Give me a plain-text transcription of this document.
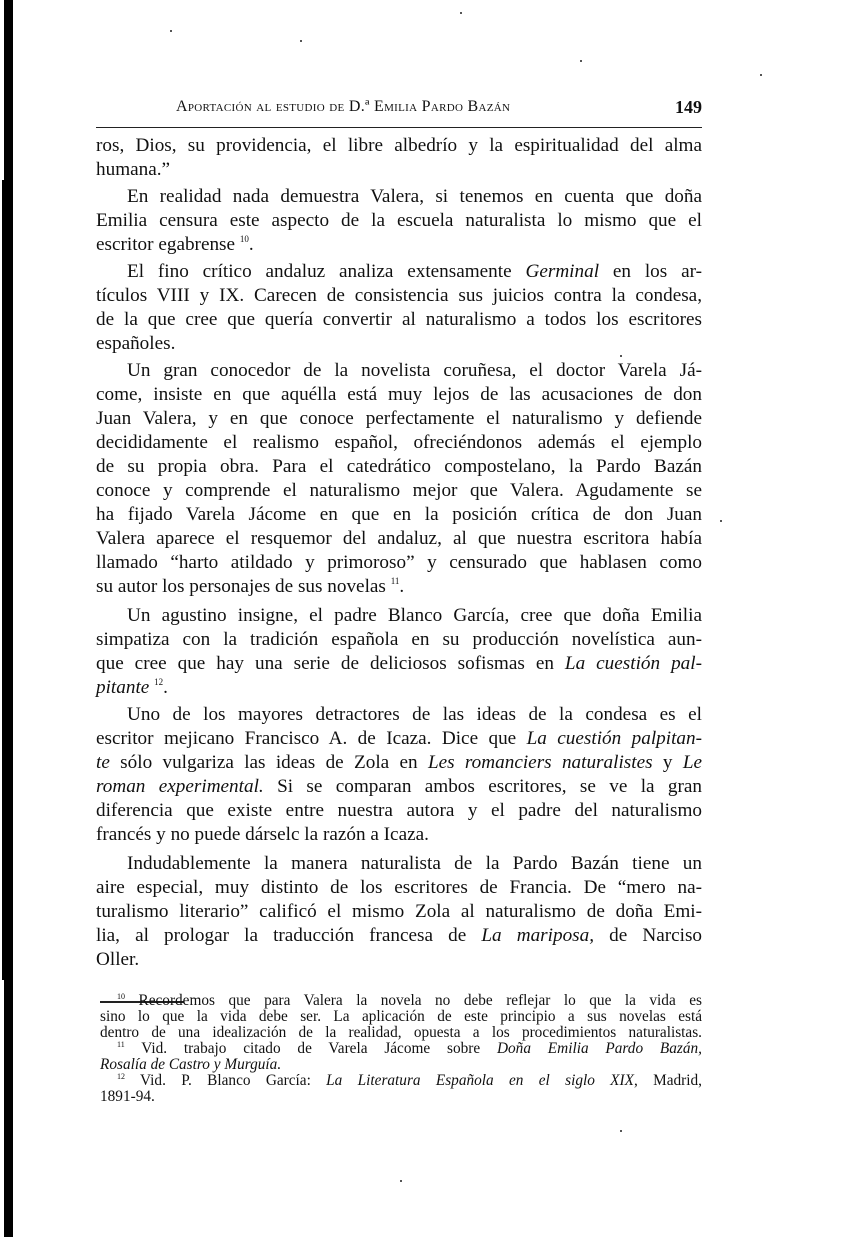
Aportación al estudio de D.ª Emilia Pardo Bazán	149
ros, Dios, su providencia, el libre albedrío y la espiritualidad del alma
humana.”
En realidad nada demuestra Valera, si tenemos en cuenta que doña
Emilia censura este aspecto de la escuela naturalista lo mismo que el
escritor egabrense $^{10}$.
El fino crítico andaluz analiza extensamente Germinal en los ar-
tículos VIII y IX. Carecen de consistencia sus juicios contra la condesa,
de la que cree que quería convertir al naturalismo a todos los escritores
españoles.
Un gran conocedor de la novelista coruñesa, el doctor Varela Já-
come, insiste en que aquélla está muy lejos de las acusaciones de don
Juan Valera, y en que conoce perfectamente el naturalismo y defiende
decididamente el realismo español, ofreciéndonos además el ejemplo
de su propia obra. Para el catedrático compostelano, la Pardo Bazán
conoce y comprende el naturalismo mejor que Valera. Agudamente se
ha fijado Varela Jácome en que en la posición crítica de don Juan
Valera aparece el resquemor del andaluz, al que nuestra escritora había
llamado “harto atildado y primoroso” y censurado que hablasen como
su autor los personajes de sus novelas $^{11}$.
Un agustino insigne, el padre Blanco García, cree que doña Emilia
simpatiza con la tradición española en su producción novelística aun-
que cree que hay una serie de deliciosos sofismas en La cuestión pal-
pitante $^{12}$.
Uno de los mayores detractores de las ideas de la condesa es el
escritor mejicano Francisco A. de Icaza. Dice que La cuestión palpitan-
te sólo vulgariza las ideas de Zola en Les romanciers naturalistes y Le
roman experimental. Si se comparan ambos escritores, se ve la gran
diferencia que existe entre nuestra autora y el padre del naturalismo
francés y no puede dárselc la razón a Icaza.
Indudablemente la manera naturalista de la Pardo Bazán tiene un
aire especial, muy distinto de los escritores de Francia. De “mero na-
turalismo literario” calificó el mismo Zola al naturalismo de doña Emi-
lia, al prologar la traducción francesa de La mariposa, de Narciso
Oller.
$^{10}$ Recordemos que para Valera la novela no debe reflejar lo que la vida es
sino lo que la vida debe ser. La aplicación de este principio a sus novelas está
dentro de una idealización de la realidad, opuesta a los procedimientos naturalistas.
$^{11}$ Vid. trabajo citado de Varela Jácome sobre Doña Emilia Pardo Bazán,
Rosalía de Castro y Murguía.
$^{12}$ Vid. P. Blanco García: La Literatura Española en el siglo XIX, Madrid,
1891-94.
